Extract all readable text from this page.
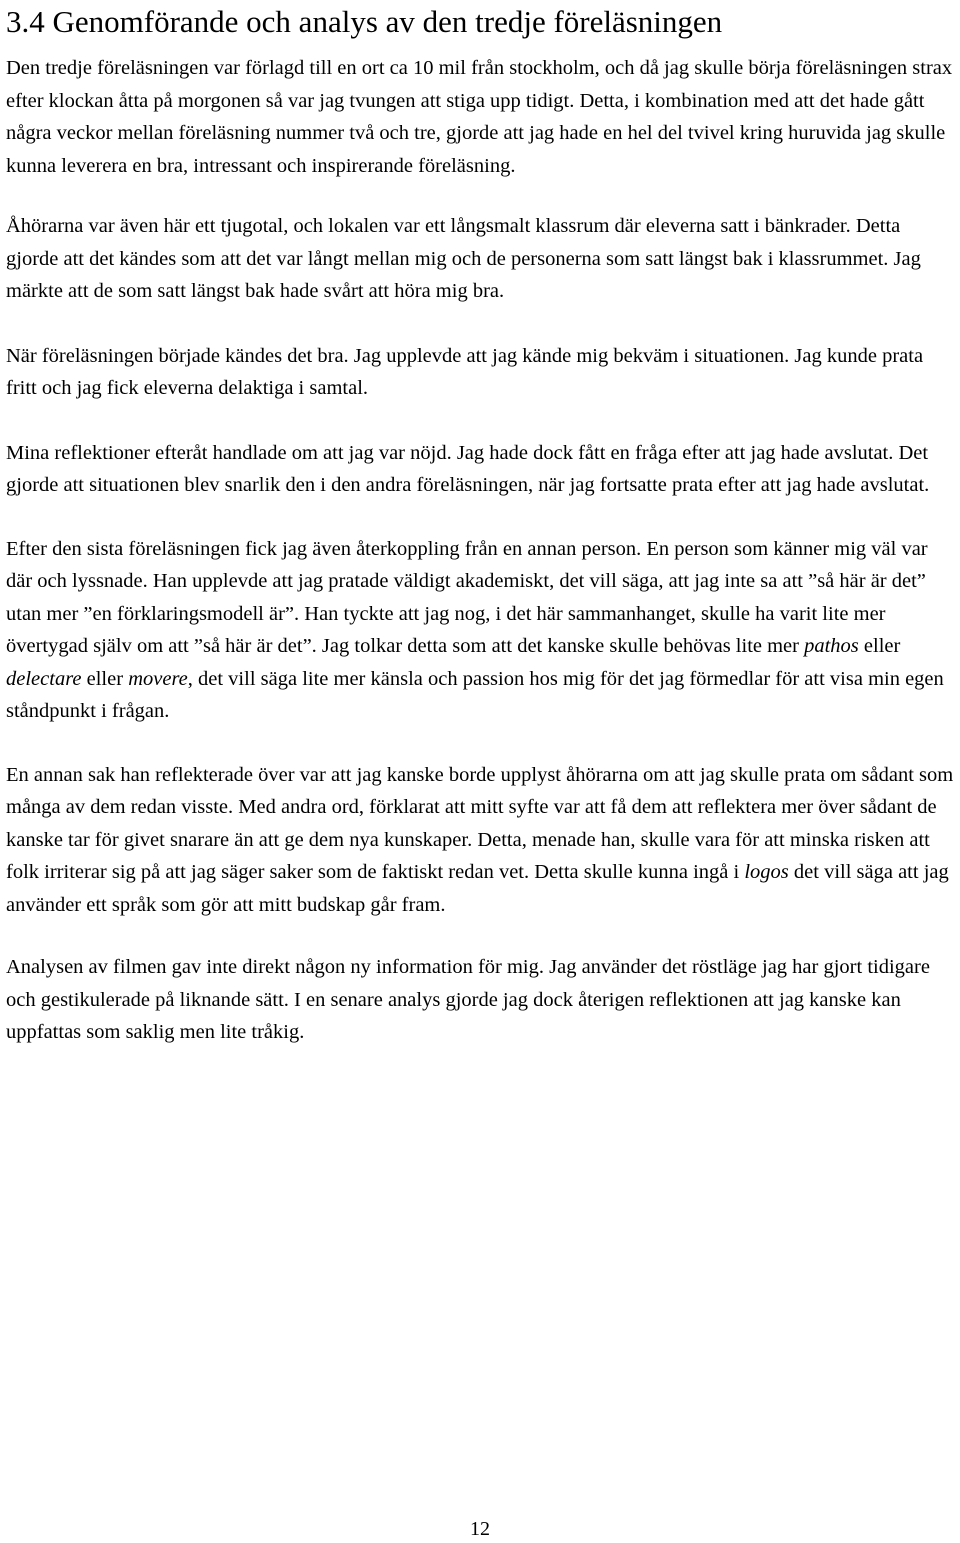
3.4 Genomförande och analys av den tredje föreläsningen

Den tredje föreläsningen var förlagd till en ort ca 10 mil från stockholm, och då jag skulle börja föreläsningen strax efter klockan åtta på morgonen så var jag tvungen att stiga upp tidigt. Detta, i kombination med att det hade gått några veckor mellan föreläsning nummer två och tre, gjorde att jag hade en hel del tvivel kring huruvida jag skulle kunna leverera en bra, intressant och inspirerande föreläsning.

Åhörarna var även här ett tjugotal, och lokalen var ett långsmalt klassrum där eleverna satt i bänkrader. Detta gjorde att det kändes som att det var långt mellan mig och de personerna som satt längst bak i klassrummet. Jag märkte att de som satt längst bak hade svårt att höra mig bra.

När föreläsningen började kändes det bra. Jag upplevde att jag kände mig bekväm i situationen. Jag kunde prata fritt och jag fick eleverna delaktiga i samtal.

Mina reflektioner efteråt handlade om att jag var nöjd. Jag hade dock fått en fråga efter att jag hade avslutat. Det gjorde att situationen blev snarlik den i den andra föreläsningen, när jag fortsatte prata efter att jag hade avslutat.

Efter den sista föreläsningen fick jag även återkoppling från en annan person. En person som känner mig väl var där och lyssnade. Han upplevde att jag pratade väldigt akademiskt, det vill säga, att jag inte sa att ”så här är det” utan mer ”en förklaringsmodell är”. Han tyckte att jag nog, i det här sammanhanget, skulle ha varit lite mer övertygad själv om att ”så här är det”. Jag tolkar detta som att det kanske skulle behövas lite mer pathos eller delectare eller movere, det vill säga lite mer känsla och passion hos mig för det jag förmedlar för att visa min egen ståndpunkt i frågan.

En annan sak han reflekterade över var att jag kanske borde upplyst åhörarna om att jag skulle prata om sådant som många av dem redan visste. Med andra ord, förklarat att mitt syfte var att få dem att reflektera mer över sådant de kanske tar för givet snarare än att ge dem nya kunskaper. Detta, menade han, skulle vara för att minska risken att folk irriterar sig på att jag säger saker som de faktiskt redan vet. Detta skulle kunna ingå i logos det vill säga att jag använder ett språk som gör att mitt budskap går fram.

Analysen av filmen gav inte direkt någon ny information för mig. Jag använder det röstläge jag har gjort tidigare och gestikulerade på liknande sätt. I en senare analys gjorde jag dock återigen reflektionen att jag kanske kan uppfattas som saklig men lite tråkig.

12
